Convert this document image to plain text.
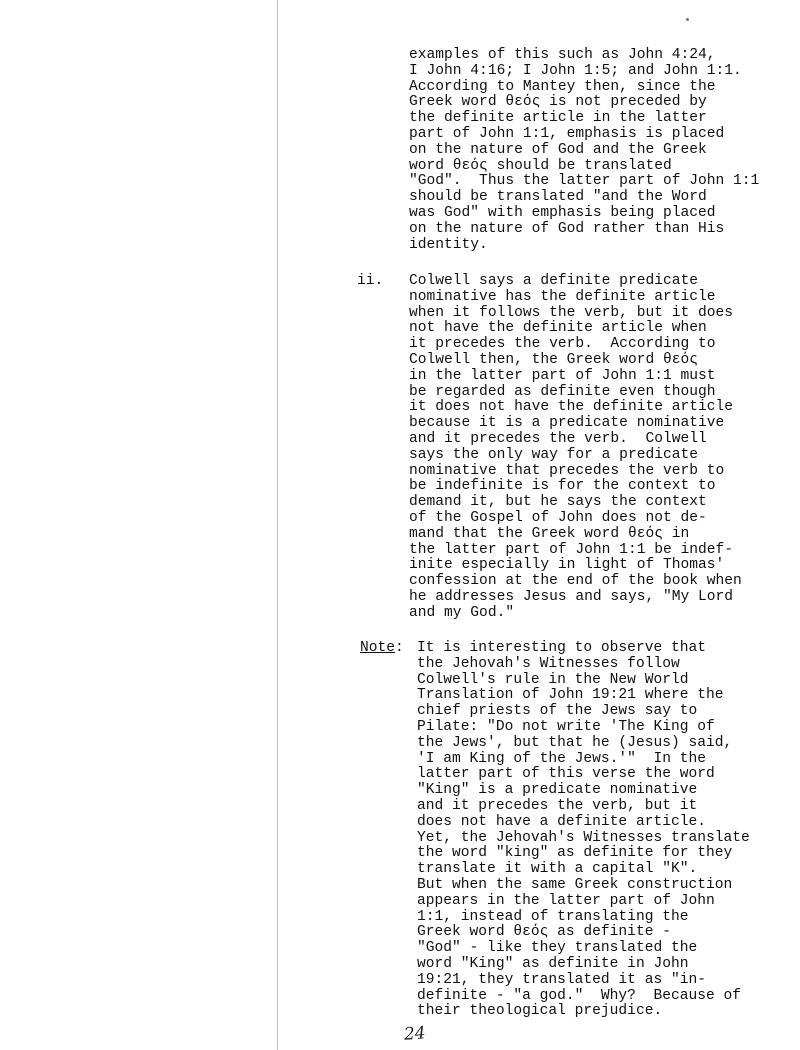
examples of this such as John 4:24,
I John 4:16; I John 1:5; and John 1:1.
According to Mantey then, since the
Greek word θεός is not preceded by
the definite article in the latter
part of John 1:1, emphasis is placed
on the nature of God and the Greek
word θεός should be translated
"God".  Thus the latter part of John 1:1
should be translated "and the Word
was God" with emphasis being placed
on the nature of God rather than His
identity.
ii. Colwell says a definite predicate
nominative has the definite article
when it follows the verb, but it does
not have the definite article when
it precedes the verb.  According to
Colwell then, the Greek word θεός
in the latter part of John 1:1 must
be regarded as definite even though
it does not have the definite article
because it is a predicate nominative
and it precedes the verb.  Colwell
says the only way for a predicate
nominative that precedes the verb to
be indefinite is for the context to
demand it, but he says the context
of the Gospel of John does not de-
mand that the Greek word θεός in
the latter part of John 1:1 be indef-
inite especially in light of Thomas'
confession at the end of the book when
he addresses Jesus and says, "My Lord
and my God."
Note: It is interesting to observe that
the Jehovah's Witnesses follow
Colwell's rule in the New World
Translation of John 19:21 where the
chief priests of the Jews say to
Pilate: "Do not write 'The King of
the Jews', but that he (Jesus) said,
'I am King of the Jews.'"  In the
latter part of this verse the word
"King" is a predicate nominative
and it precedes the verb, but it
does not have a definite article.
Yet, the Jehovah's Witnesses translate
the word "king" as definite for they
translate it with a capital "K".
But when the same Greek construction
appears in the latter part of John
1:1, instead of translating the
Greek word θεός as definite -
"God" - like they translated the
word "King" as definite in John
19:21, they translated it as "in-
definite - "a god."  Why?  Because of
their theological prejudice.
24
